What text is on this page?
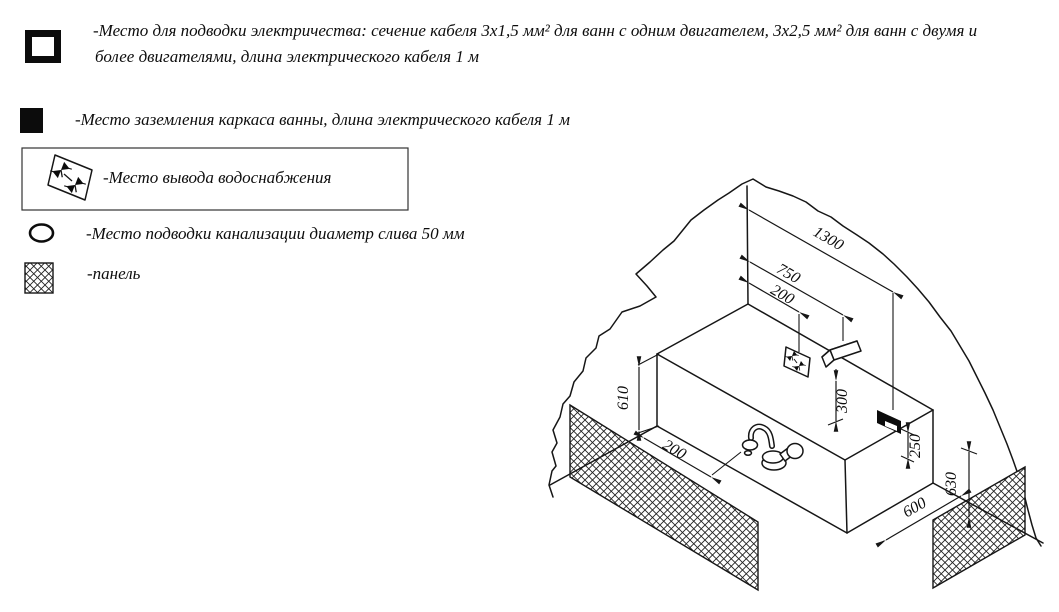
1300
750
200
610
200
300
250
630
600
-Место для подводки электричества: сечение кабеля 3x1,5 мм² для ванн с одним двигателем, 3x2,5 мм² для ванн с двумя и
более двигателями, длина электрического кабеля 1 м
-Место заземления каркаса ванны, длина электрического кабеля 1 м
-Место вывода водоснабжения
-Место подводки канализации диаметр слива 50 мм
-панель
